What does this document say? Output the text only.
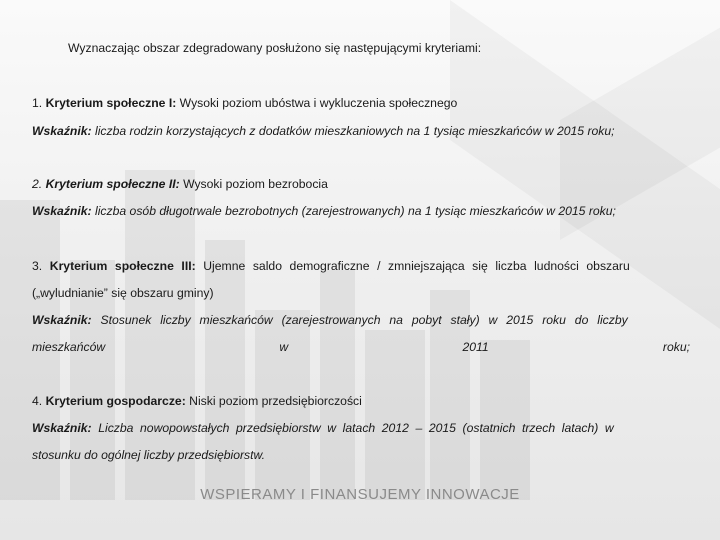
Wyznaczając obszar zdegradowany posłużono się następującymi kryteriami:
1. Kryterium społeczne I: Wysoki poziom ubóstwa i wykluczenia społecznego
Wskaźnik: liczba rodzin korzystających z dodatków mieszkaniowych na 1 tysiąc mieszkańców w 2015 roku;
2. Kryterium społeczne II: Wysoki poziom bezrobocia
Wskaźnik: liczba osób długotrwale bezrobotnych (zarejestrowanych) na 1 tysiąc mieszkańców w 2015 roku;
3. Kryterium społeczne III: Ujemne saldo demograficzne / zmniejszająca się liczba ludności obszaru
(„wyludnianie” się obszaru gminy)
Wskaźnik: Stosunek liczby mieszkańców (zarejestrowanych na pobyt stały) w 2015 roku do liczby
mieszkańców	w	2011	roku;
4. Kryterium gospodarcze: Niski poziom przedsiębiorczości
Wskaźnik: Liczba nowopowstałych przedsiębiorstw w latach 2012 – 2015 (ostatnich trzech latach) w
stosunku do ogólnej liczby przedsiębiorstw.
WSPIERAMY I FINANSUJEMY INNOWACJE
